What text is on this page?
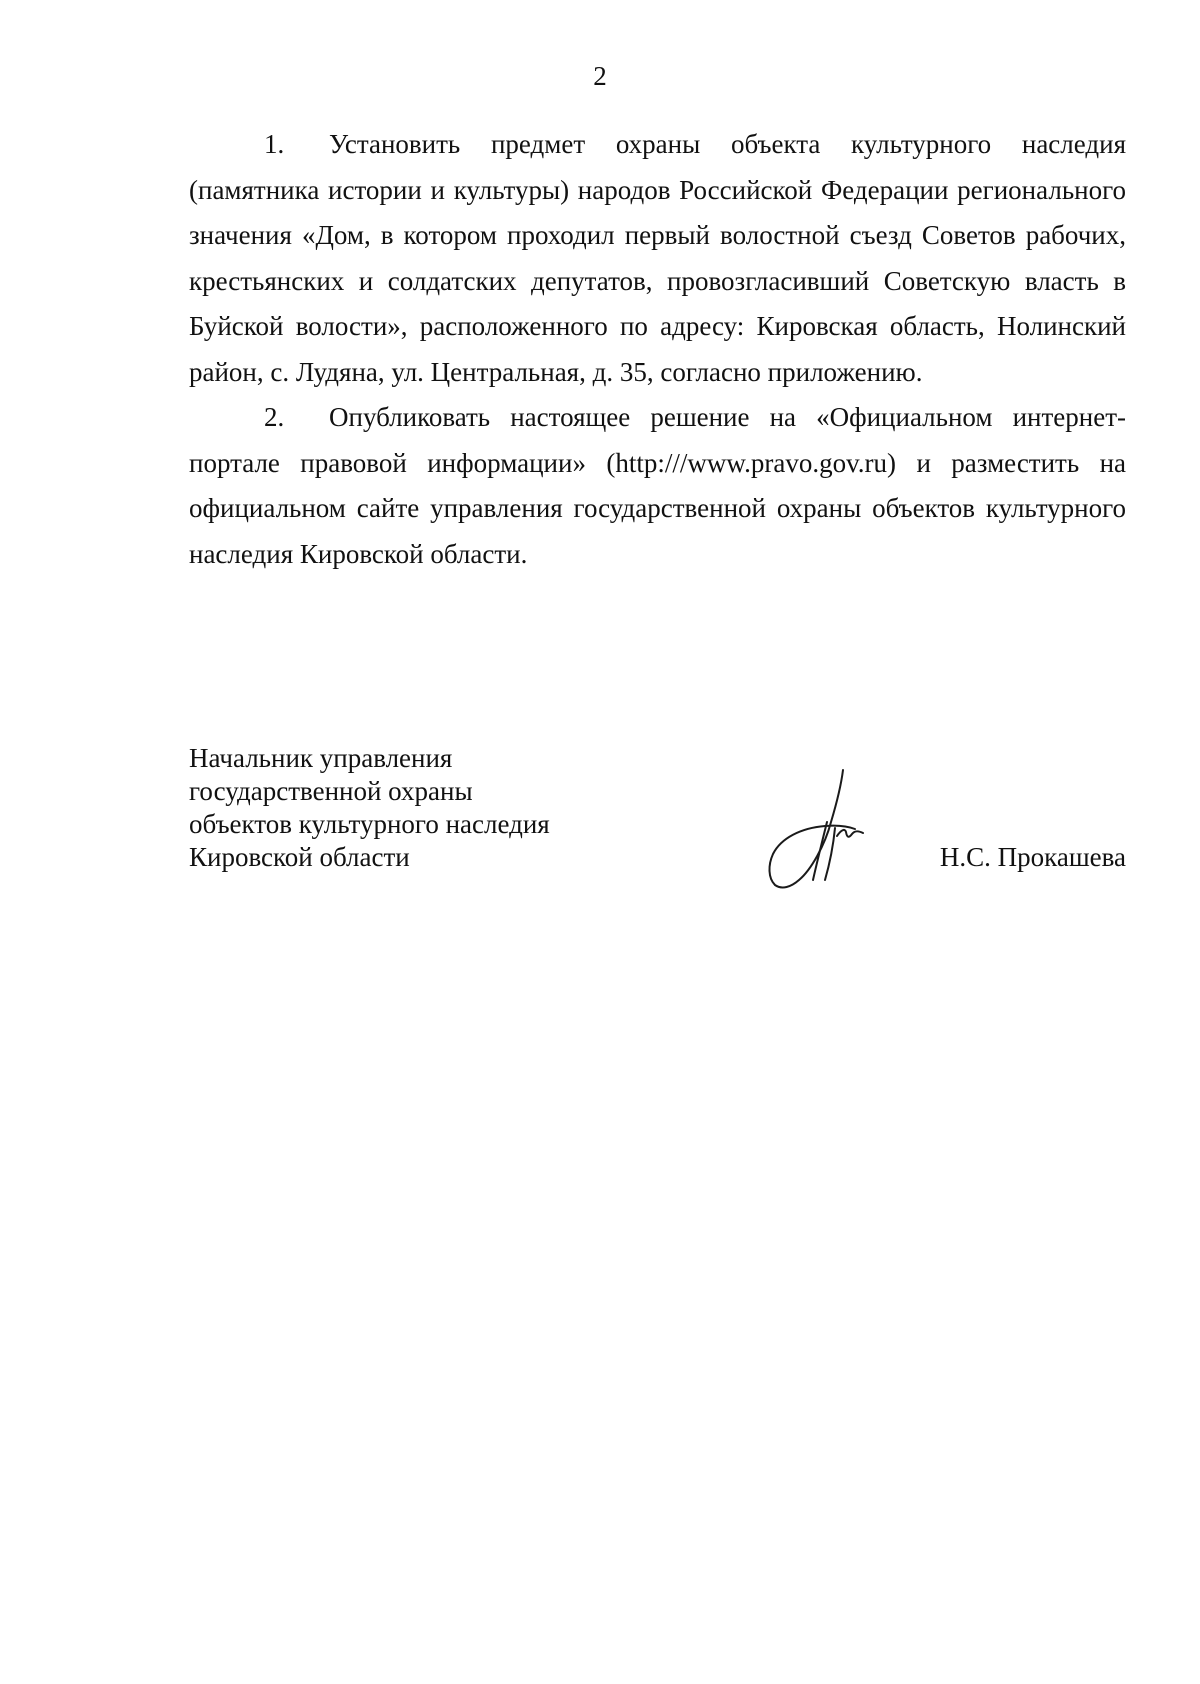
2

1. Установить предмет охраны объекта культурного наследия (памятника истории и культуры) народов Российской Федерации регионального значения «Дом, в котором проходил первый волостной съезд Советов рабочих, крестьянских и солдатских депутатов, провозгласивший Советскую власть в Буйской волости», расположенного по адресу: Кировская область, Нолинский район, с. Лудяна, ул. Центральная, д. 35, согласно приложению.

2. Опубликовать настоящее решение на «Официальном интернет-портале правовой информации» (http:///www.pravo.gov.ru) и разместить на официальном сайте управления государственной охраны объектов культурного наследия Кировской области.

Начальник управления
государственной охраны
объектов культурного наследия
Кировской области	Н.С. Прокашева
